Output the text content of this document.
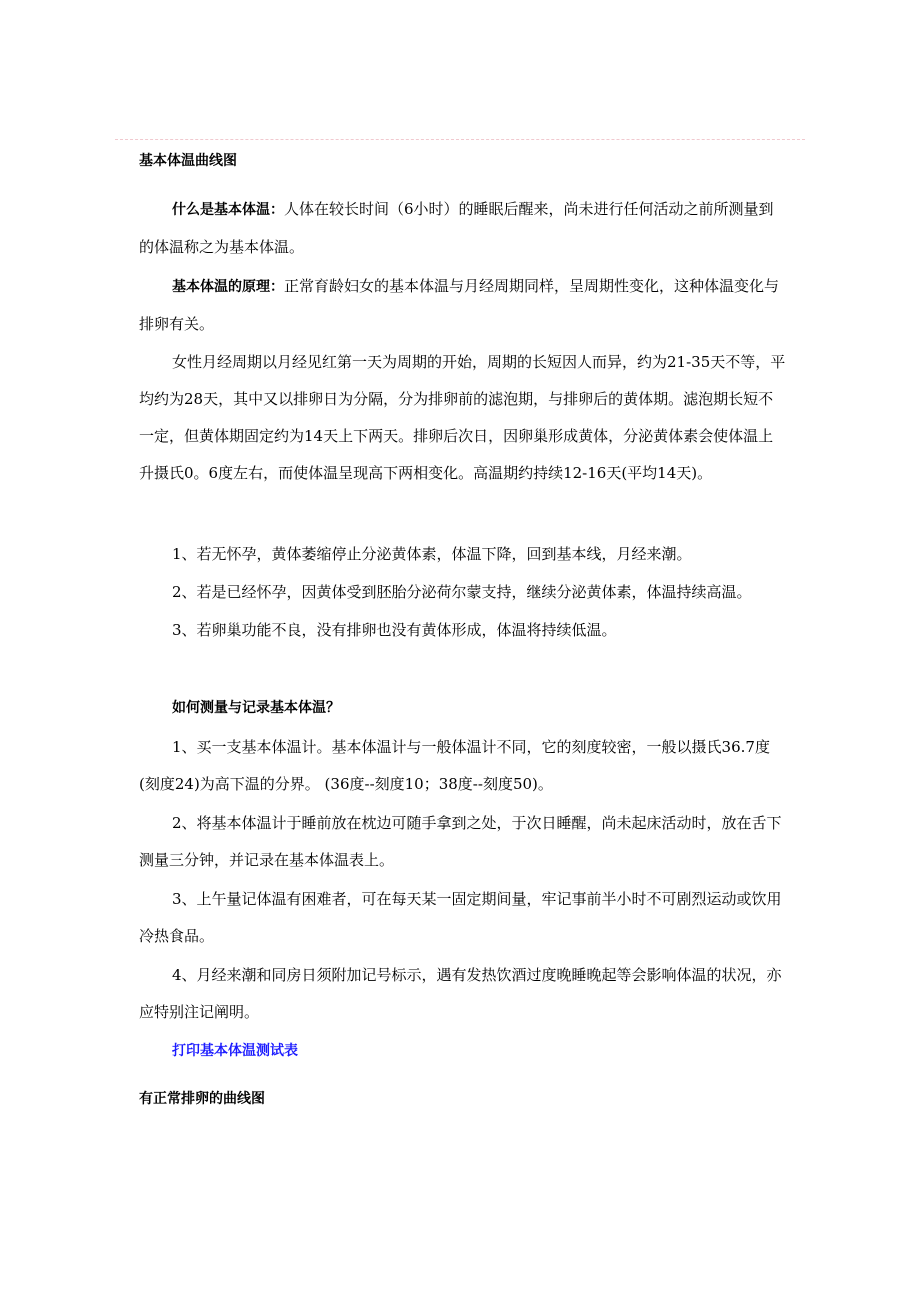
基本体温曲线图

什么是基本体温：人体在较长时间（6小时）的睡眠后醒来，尚未进行任何活动之前所测量到的体温称之为基本体温。

基本体温的原理：正常育龄妇女的基本体温与月经周期同样，呈周期性变化，这种体温变化与排卵有关。

女性月经周期以月经见红第一天为周期的开始，周期的长短因人而异，约为21-35天不等，平均约为28天，其中又以排卵日为分隔，分为排卵前的滤泡期，与排卵后的黄体期。滤泡期长短不一定，但黄体期固定约为14天上下两天。排卵后次日，因卵巢形成黄体，分泌黄体素会使体温上升摄氏0。6度左右，而使体温呈现高下两相变化。高温期约持续12-16天(平均14天)。

1、若无怀孕，黄体萎缩停止分泌黄体素，体温下降，回到基本线，月经来潮。

2、若是已经怀孕，因黄体受到胚胎分泌荷尔蒙支持，继续分泌黄体素，体温持续高温。

3、若卵巢功能不良，没有排卵也没有黄体形成，体温将持续低温。

如何测量与记录基本体温？

1、买一支基本体温计。基本体温计与一般体温计不同，它的刻度较密，一般以摄氏36.7度(刻度24)为高下温的分界。 (36度--刻度10；38度--刻度50)。

2、将基本体温计于睡前放在枕边可随手拿到之处，于次日睡醒，尚未起床活动时，放在舌下测量三分钟，并记录在基本体温表上。

3、上午量记体温有困难者，可在每天某一固定期间量，牢记事前半小时不可剧烈运动或饮用冷热食品。

4、月经来潮和同房日须附加记号标示，遇有发热饮酒过度晚睡晚起等会影响体温的状况，亦应特别注记阐明。

打印基本体温测试表
有正常排卵的曲线图
